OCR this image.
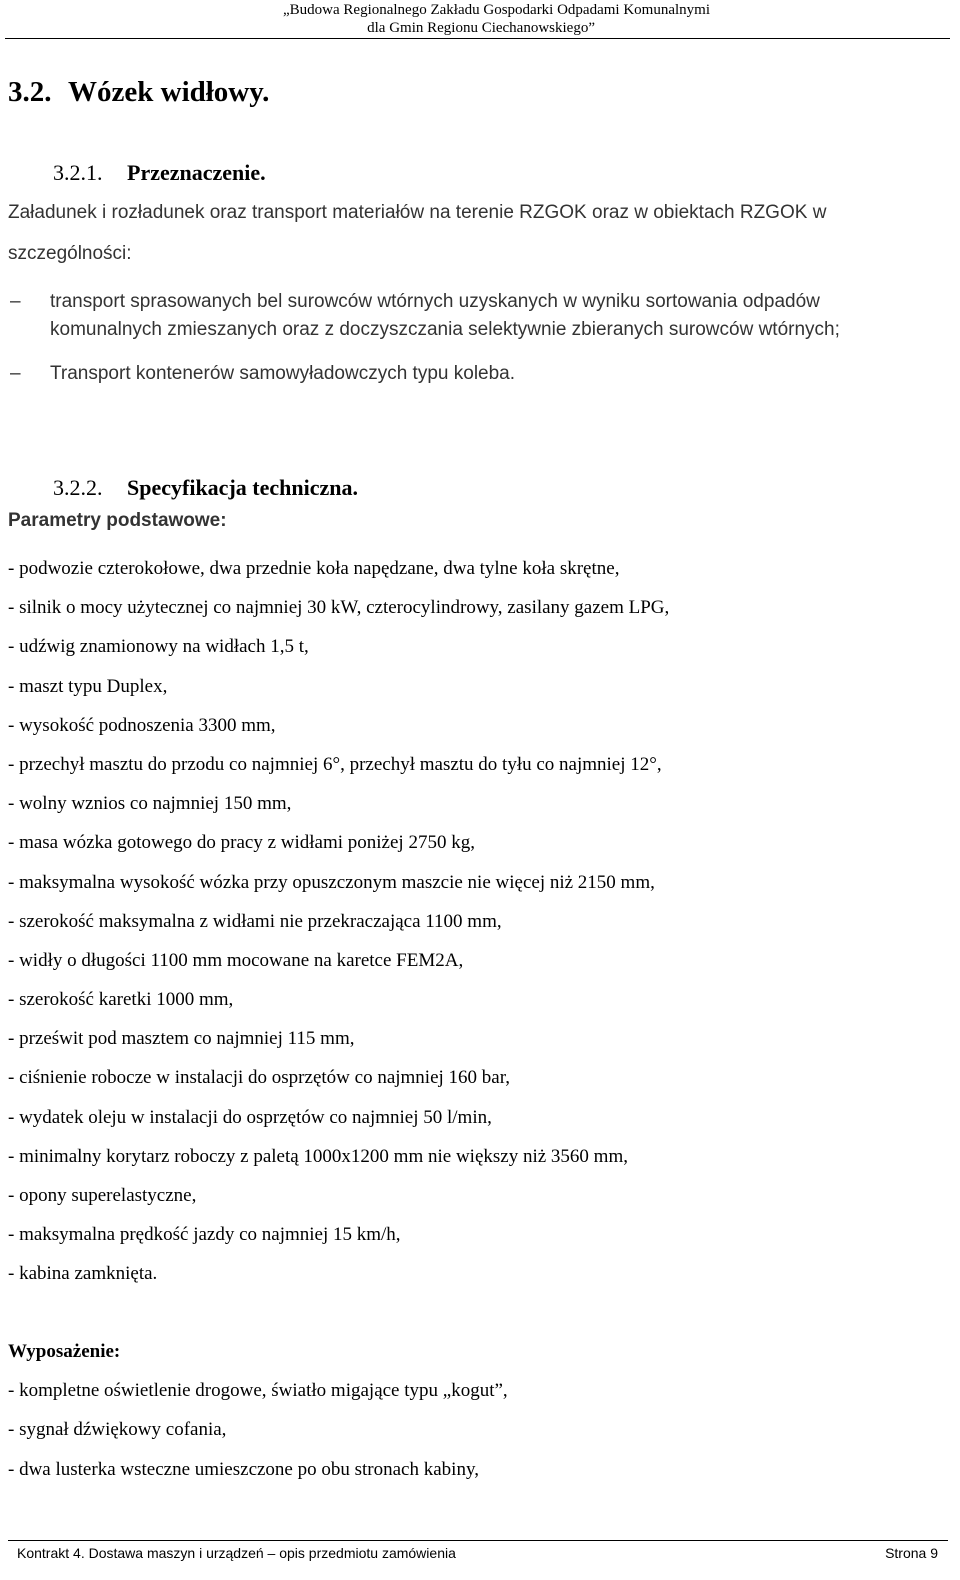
„Budowa Regionalnego Zakładu Gospodarki Odpadami Komunalnymi
dla Gmin Regionu Ciechanowskiego”
3.2. Wózek widłowy.
3.2.1. Przeznaczenie.

Załadunek i rozładunek oraz transport materiałów na terenie RZGOK oraz w obiektach RZGOK w

szczególności:

– transport sprasowanych bel surowców wtórnych uzyskanych w wyniku sortowania odpadów
komunalnych zmieszanych oraz z doczyszczania selektywnie zbieranych surowców wtórnych;
– Transport kontenerów samowyładowczych typu koleba.
3.2.2. Specyfikacja techniczna.

Parametry podstawowe:

- podwozie czterokołowe, dwa przednie koła napędzane, dwa tylne koła skrętne,
- silnik o mocy użytecznej co najmniej 30 kW, czterocylindrowy, zasilany gazem LPG,
- udźwig znamionowy na widłach 1,5 t,
- maszt typu Duplex,
- wysokość podnoszenia 3300 mm,
- przechył masztu do przodu co najmniej 6°, przechył masztu do tyłu co najmniej 12°,
- wolny wznios co najmniej 150 mm,
- masa wózka gotowego do pracy z widłami poniżej 2750 kg,
- maksymalna wysokość wózka przy opuszczonym maszcie nie więcej niż 2150 mm,
- szerokość maksymalna z widłami nie przekraczająca 1100 mm,
- widły o długości 1100 mm mocowane na karetce FEM2A,
- szerokość karetki 1000 mm,
- prześwit pod masztem co najmniej 115 mm,
- ciśnienie robocze w instalacji do osprzętów co najmniej 160 bar,
- wydatek oleju w instalacji do osprzętów co najmniej 50 l/min,
- minimalny korytarz roboczy z paletą 1000x1200 mm nie większy niż 3560 mm,
- opony superelastyczne,
- maksymalna prędkość jazdy co najmniej 15 km/h,
- kabina zamknięta.

Wyposażenie:

- kompletne oświetlenie drogowe, światło migające typu „kogut”,
- sygnał dźwiękowy cofania,
- dwa lusterka wsteczne umieszczone po obu stronach kabiny,
Kontrakt 4. Dostawa maszyn i urządzeń – opis przedmiotu zamówienia	Strona 9
